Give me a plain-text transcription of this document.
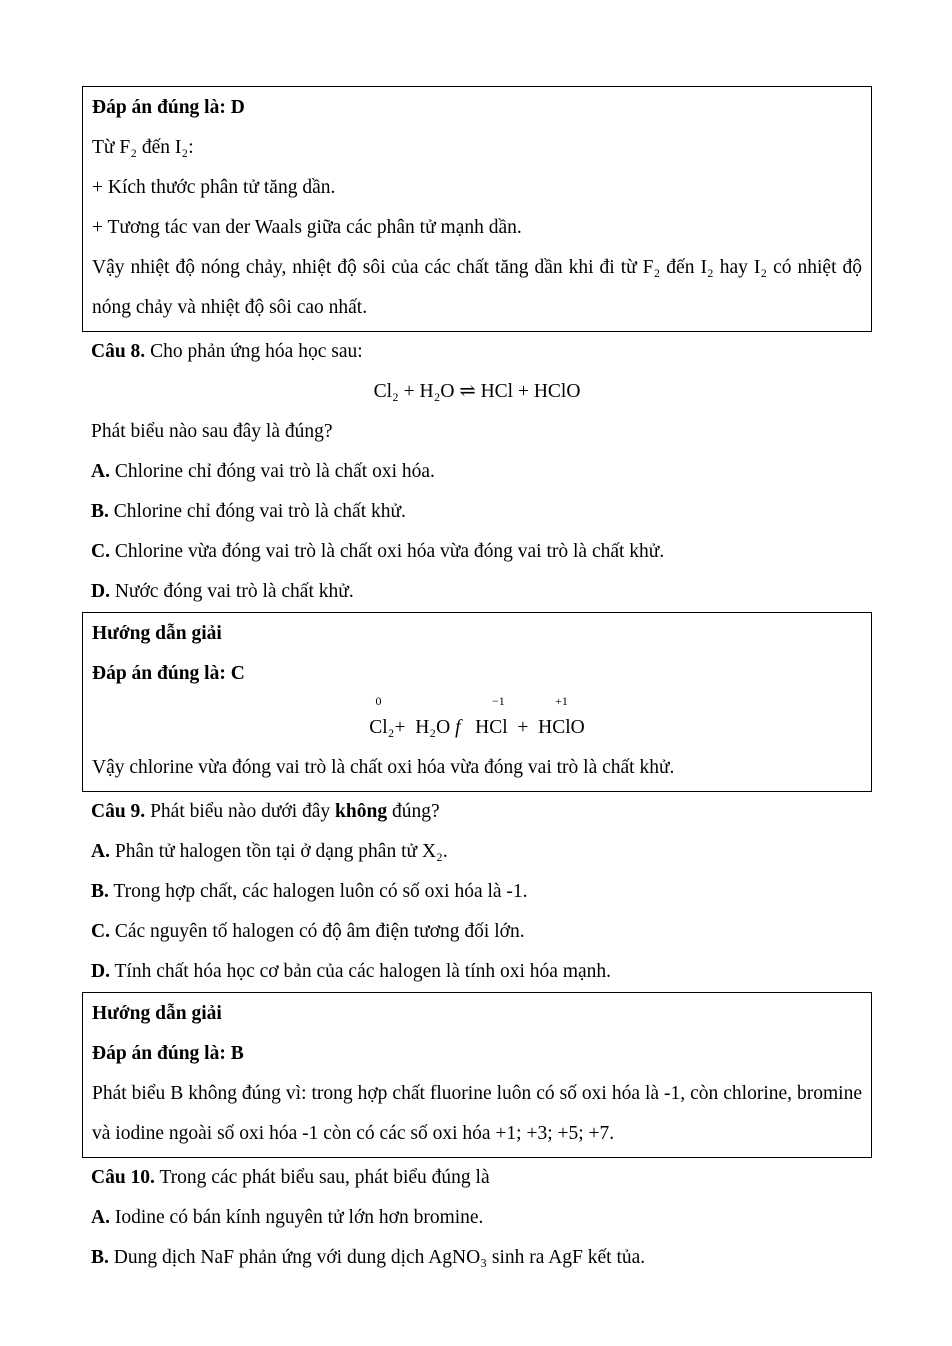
Đáp án đúng là: D

Từ F₂ đến I₂:

+ Kích thước phân tử tăng dần.

+ Tương tác van der Waals giữa các phân tử mạnh dần.

Vậy nhiệt độ nóng chảy, nhiệt độ sôi của các chất tăng dần khi đi từ F₂ đến I₂ hay I₂ có nhiệt độ nóng chảy và nhiệt độ sôi cao nhất.

Câu 8. Cho phản ứng hóa học sau:

Cl₂ + H₂O ⇌ HCl + HClO

Phát biểu nào sau đây là đúng?

A. Chlorine chỉ đóng vai trò là chất oxi hóa.

B. Chlorine chỉ đóng vai trò là chất khử.

C. Chlorine vừa đóng vai trò là chất oxi hóa vừa đóng vai trò là chất khử.

D. Nước đóng vai trò là chất khử.

Hướng dẫn giải

Đáp án đúng là: C

0
Cl₂+  H₂O f   H
−1
Cl  +  H
+1
ClO

Vậy chlorine vừa đóng vai trò là chất oxi hóa vừa đóng vai trò là chất khử.

Câu 9. Phát biểu nào dưới đây không đúng?

A. Phân tử halogen tồn tại ở dạng phân tử X₂.

B. Trong hợp chất, các halogen luôn có số oxi hóa là -1.

C. Các nguyên tố halogen có độ âm điện tương đối lớn.

D. Tính chất hóa học cơ bản của các halogen là tính oxi hóa mạnh.

Hướng dẫn giải

Đáp án đúng là: B

Phát biểu B không đúng vì: trong hợp chất fluorine luôn có số oxi hóa là -1, còn chlorine, bromine và iodine ngoài số oxi hóa -1 còn có các số oxi hóa +1; +3; +5; +7.

Câu 10. Trong các phát biểu sau, phát biểu đúng là

A. Iodine có bán kính nguyên tử lớn hơn bromine.

B. Dung dịch NaF phản ứng với dung dịch AgNO₃ sinh ra AgF kết tủa.
